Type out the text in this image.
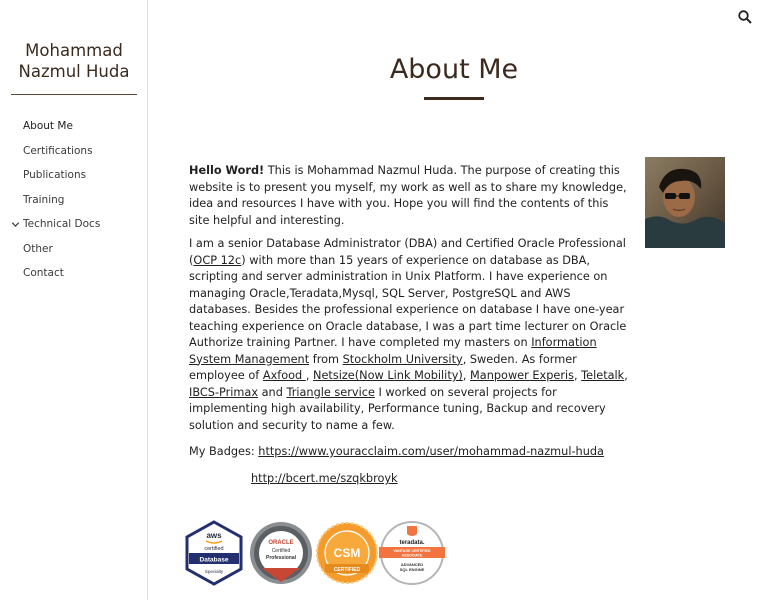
Mohammad Nazmul Huda
About Me
Certifications
Publications
Training
Technical Docs
Other
Contact
About Me

Hello Word! This is Mohammad Nazmul Huda. The purpose of creating this website is to present you myself, my work as well as to share my knowledge, idea and resources I have with you. Hope you will find the contents of this site helpful and interesting.

I am a senior Database Administrator (DBA) and Certified Oracle Professional (OCP 12c) with more than 15 years of experience on database as DBA, scripting and server administration in Unix Platform. I have experience on managing Oracle,Teradata,Mysql, SQL Server, PostgreSQL and AWS databases. Besides the professional experience on database I have one-year teaching experience on Oracle database, I was a part time lecturer on Oracle Authorize training Partner. I have completed my masters on Information System Management from Stockholm University, Sweden. As former employee of Axfood , Netsize(Now Link Mobility), Manpower Experis, Teletalk, IBCS-Primax and Triangle service I worked on several projects for implementing high availability, Performance tuning, Backup and recovery solution and security to name a few.

My Badges: https://www.youracclaim.com/user/mohammad-nazmul-huda
http://bcert.me/szqkbroyk
aws
certified
Database
Specialty
ORACLE
Certified
Professional	CSM
CERTIFIED
teradata.
VANTAGE CERTIFIED
ASSOCIATE
ADVANCED
SQL ENGINE
